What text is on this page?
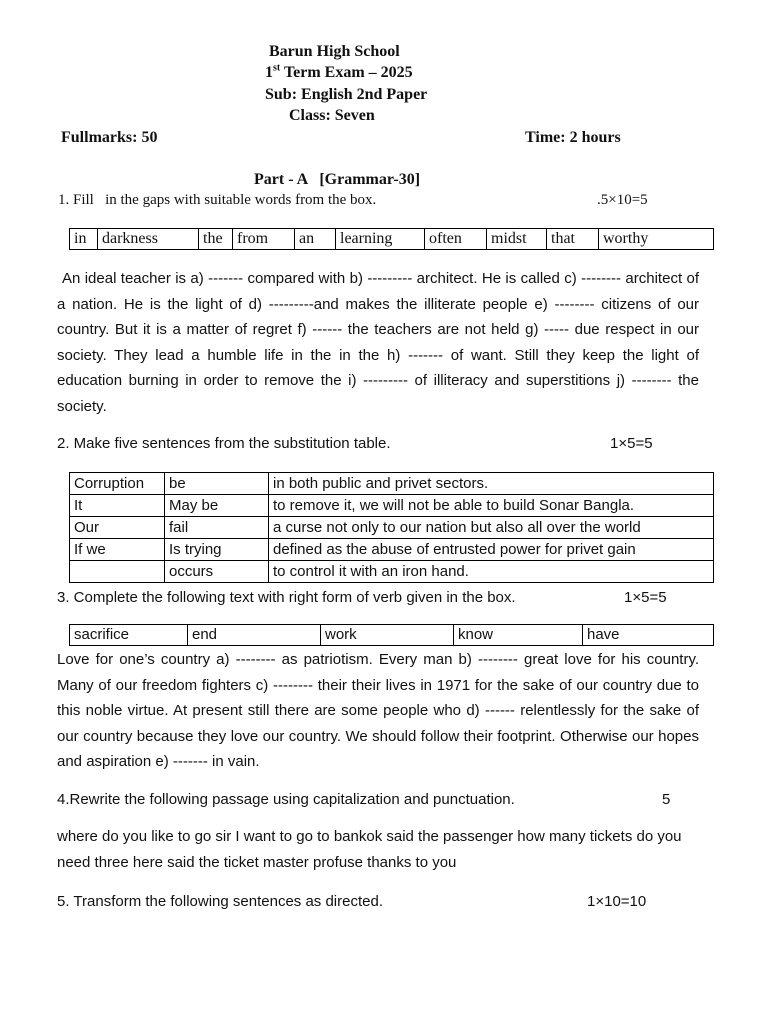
Barun High School
1st Term Exam – 2025
Sub: English 2nd Paper
Class: Seven
Fullmarks: 50	Time: 2 hours
Part - A   [Grammar-30]
1. Fill   in the gaps with suitable words from the box.	.5×10=5
in	darkness	the	from	an	learning	often	midst	that	worthy

An ideal teacher is a) ------- compared with b) --------- architect. He is called c) -------- architect of a nation. He is the light of d) ---------and makes the illiterate people e) -------- citizens of our country. But it is a matter of regret f) ------ the teachers are not held g) ----- due respect in our society. They lead a humble life in the in the h) ------- of want. Still they keep the light of education burning in order to remove the i) --------- of illiteracy and superstitions j) -------- the society.

2. Make five sentences from the substitution table.	1×5=5
Corruption	be	in both public and privet sectors.
It	May be	to remove it, we will not be able to build Sonar Bangla.
Our	fail	a curse not only to our nation but also all over the world
If we	Is trying	defined as the abuse of entrusted power for privet gain
	occurs	to control it with an iron hand.
3. Complete the following text with right form of verb given in the box.	1×5=5
sacrifice	end	work	know	have

Love for one’s country a) -------- as patriotism. Every man b) -------- great love for his country. Many of our freedom fighters c) -------- their their lives in 1971 for the sake of our country due to this noble virtue. At present still there are some people who d) ------ relentlessly for the sake of our country because they love our country. We should follow their footprint. Otherwise our hopes and aspiration e) ------- in vain.

4.Rewrite the following passage using capitalization and punctuation.	5

where do you like to go sir I want to go to bankok said the passenger how many tickets do you need three here said the ticket master profuse thanks to you

5. Transform the following sentences as directed.	1×10=10
